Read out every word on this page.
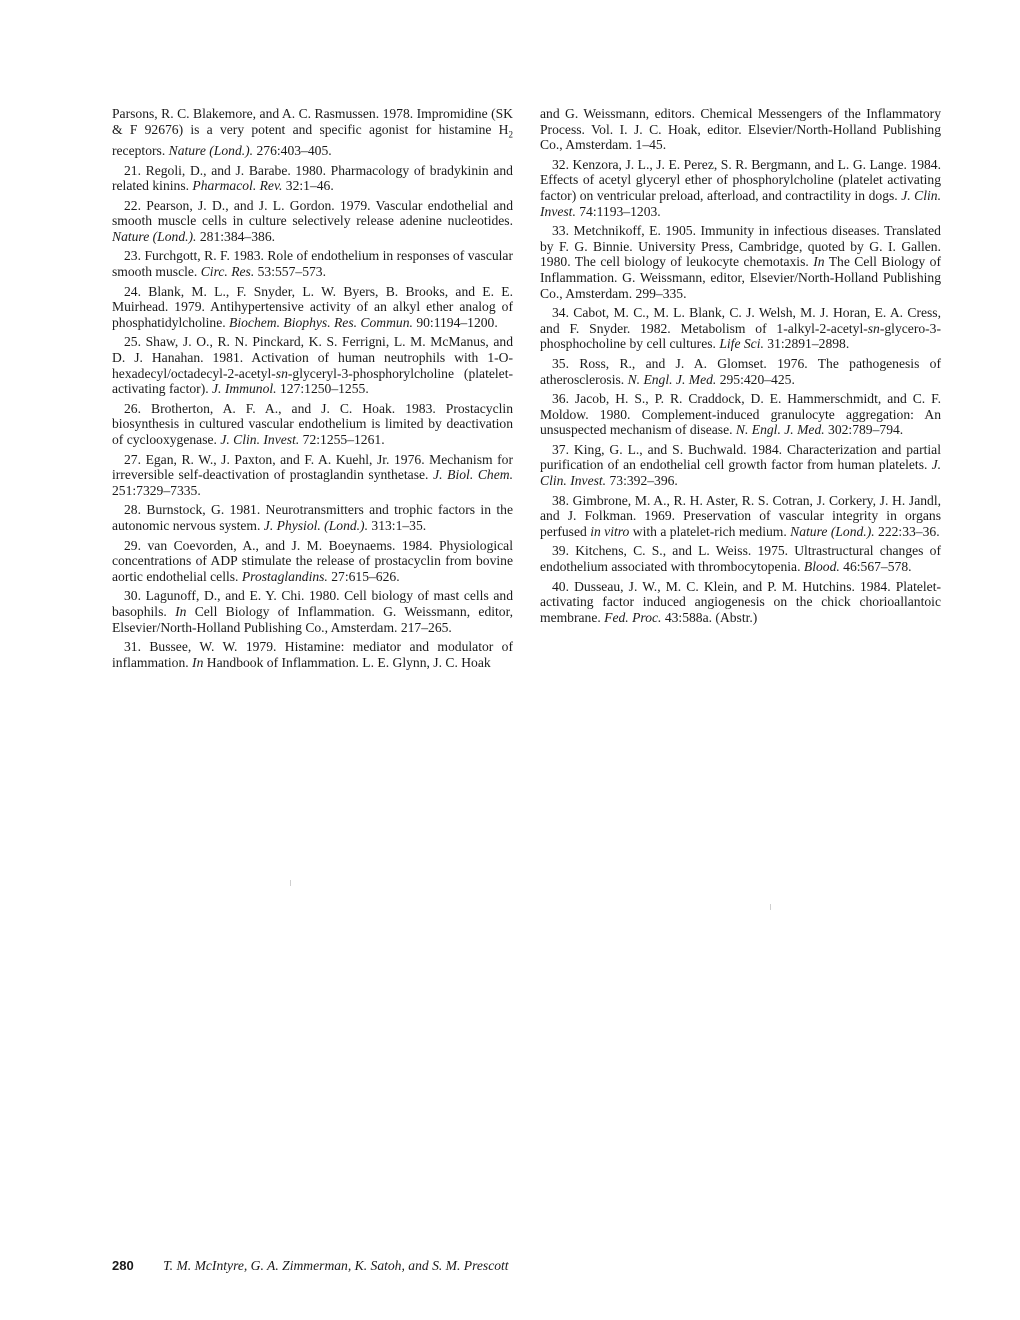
Parsons, R. C. Blakemore, and A. C. Rasmussen. 1978. Impromidine (SK & F 92676) is a very potent and specific agonist for histamine $H_2$ receptors. Nature (Lond.). 276:403–405.

21. Regoli, D., and J. Barabe. 1980. Pharmacology of bradykinin and related kinins. Pharmacol. Rev. 32:1–46.

22. Pearson, J. D., and J. L. Gordon. 1979. Vascular endothelial and smooth muscle cells in culture selectively release adenine nucleotides. Nature (Lond.). 281:384–386.

23. Furchgott, R. F. 1983. Role of endothelium in responses of vascular smooth muscle. Circ. Res. 53:557–573.

24. Blank, M. L., F. Snyder, L. W. Byers, B. Brooks, and E. E. Muirhead. 1979. Antihypertensive activity of an alkyl ether analog of phosphatidylcholine. Biochem. Biophys. Res. Commun. 90:1194–1200.

25. Shaw, J. O., R. N. Pinckard, K. S. Ferrigni, L. M. McManus, and D. J. Hanahan. 1981. Activation of human neutrophils with 1-O-hexadecyl/octadecyl-2-acetyl-sn-glyceryl-3-phosphorylcholine (platelet-activating factor). J. Immunol. 127:1250–1255.

26. Brotherton, A. F. A., and J. C. Hoak. 1983. Prostacyclin biosynthesis in cultured vascular endothelium is limited by deactivation of cyclooxygenase. J. Clin. Invest. 72:1255–1261.

27. Egan, R. W., J. Paxton, and F. A. Kuehl, Jr. 1976. Mechanism for irreversible self-deactivation of prostaglandin synthetase. J. Biol. Chem. 251:7329–7335.

28. Burnstock, G. 1981. Neurotransmitters and trophic factors in the autonomic nervous system. J. Physiol. (Lond.). 313:1–35.

29. van Coevorden, A., and J. M. Boeynaems. 1984. Physiological concentrations of ADP stimulate the release of prostacyclin from bovine aortic endothelial cells. Prostaglandins. 27:615–626.

30. Lagunoff, D., and E. Y. Chi. 1980. Cell biology of mast cells and basophils. In Cell Biology of Inflammation. G. Weissmann, editor, Elsevier/North-Holland Publishing Co., Amsterdam. 217–265.

31. Bussee, W. W. 1979. Histamine: mediator and modulator of inflammation. In Handbook of Inflammation. L. E. Glynn, J. C. Hoak

and G. Weissmann, editors. Chemical Messengers of the Inflammatory Process. Vol. I. J. C. Hoak, editor. Elsevier/North-Holland Publishing Co., Amsterdam. 1–45.

32. Kenzora, J. L., J. E. Perez, S. R. Bergmann, and L. G. Lange. 1984. Effects of acetyl glyceryl ether of phosphorylcholine (platelet activating factor) on ventricular preload, afterload, and contractility in dogs. J. Clin. Invest. 74:1193–1203.

33. Metchnikoff, E. 1905. Immunity in infectious diseases. Translated by F. G. Binnie. University Press, Cambridge, quoted by G. I. Gallen. 1980. The cell biology of leukocyte chemotaxis. In The Cell Biology of Inflammation. G. Weissmann, editor, Elsevier/North-Holland Publishing Co., Amsterdam. 299–335.

34. Cabot, M. C., M. L. Blank, C. J. Welsh, M. J. Horan, E. A. Cress, and F. Snyder. 1982. Metabolism of 1-alkyl-2-acetyl-sn-glycero-3-phosphocholine by cell cultures. Life Sci. 31:2891–2898.

35. Ross, R., and J. A. Glomset. 1976. The pathogenesis of atherosclerosis. N. Engl. J. Med. 295:420–425.

36. Jacob, H. S., P. R. Craddock, D. E. Hammerschmidt, and C. F. Moldow. 1980. Complement-induced granulocyte aggregation: An unsuspected mechanism of disease. N. Engl. J. Med. 302:789–794.

37. King, G. L., and S. Buchwald. 1984. Characterization and partial purification of an endothelial cell growth factor from human platelets. J. Clin. Invest. 73:392–396.

38. Gimbrone, M. A., R. H. Aster, R. S. Cotran, J. Corkery, J. H. Jandl, and J. Folkman. 1969. Preservation of vascular integrity in organs perfused in vitro with a platelet-rich medium. Nature (Lond.). 222:33–36.

39. Kitchens, C. S., and L. Weiss. 1975. Ultrastructural changes of endothelium associated with thrombocytopenia. Blood. 46:567–578.

40. Dusseau, J. W., M. C. Klein, and P. M. Hutchins. 1984. Platelet-activating factor induced angiogenesis on the chick chorioallantoic membrane. Fed. Proc. 43:588a. (Abstr.)

280 T. M. McIntyre, G. A. Zimmerman, K. Satoh, and S. M. Prescott
